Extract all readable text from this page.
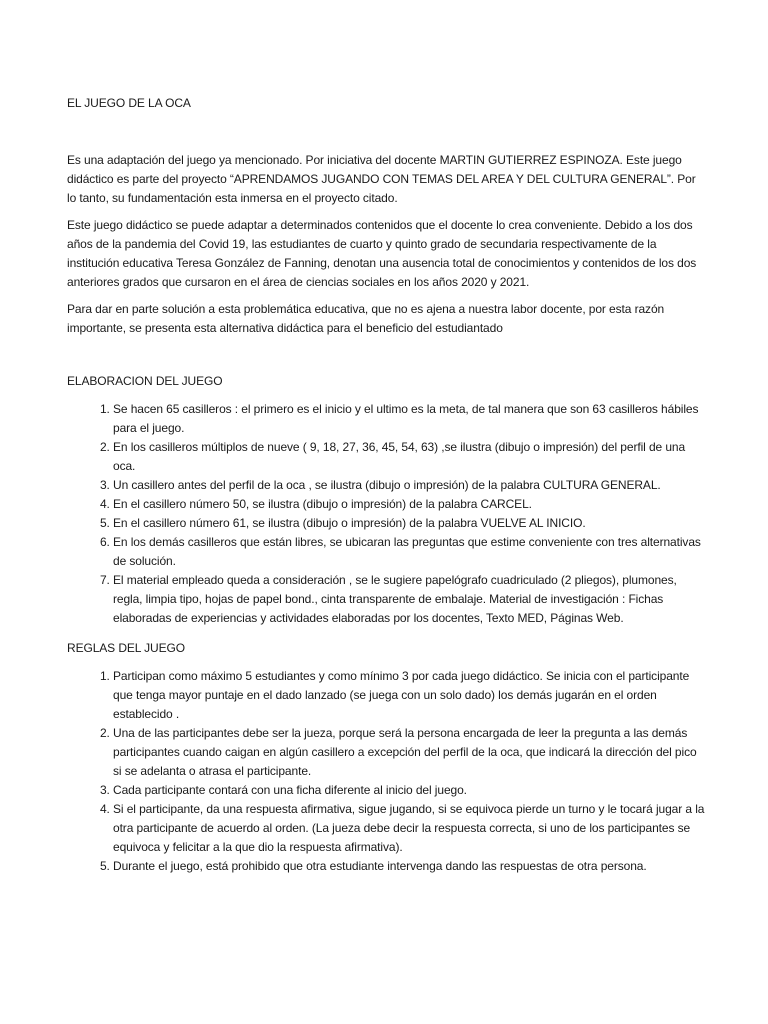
EL JUEGO DE LA OCA

Es una adaptación del juego ya mencionado. Por iniciativa del docente MARTIN GUTIERREZ ESPINOZA. Este juego didáctico es parte del proyecto “APRENDAMOS JUGANDO CON TEMAS DEL AREA Y DEL CULTURA GENERAL”. Por lo tanto, su fundamentación esta inmersa en el proyecto citado.

Este juego didáctico se puede adaptar a determinados contenidos que el docente lo crea conveniente. Debido a los dos años de la pandemia del Covid 19, las estudiantes de cuarto y quinto grado de secundaria respectivamente de la institución educativa Teresa González de Fanning, denotan una ausencia total de conocimientos y contenidos de los dos anteriores grados que cursaron en el área de ciencias sociales en los años 2020 y 2021.

Para dar en parte solución a esta problemática educativa, que no es ajena a nuestra labor docente, por esta razón importante, se presenta esta alternativa didáctica para el beneficio del estudiantado

ELABORACION DEL JUEGO
1. Se hacen 65 casilleros : el primero es el inicio y el ultimo es la meta, de tal manera que son 63 casilleros hábiles para el juego.
2. En los casilleros múltiplos de nueve ( 9, 18, 27, 36, 45, 54, 63) ,se ilustra (dibujo o impresión) del perfil de una oca.
3. Un casillero antes del perfil de la oca , se ilustra (dibujo o impresión) de la palabra CULTURA GENERAL.
4. En el casillero número 50, se ilustra (dibujo o impresión) de la palabra CARCEL.
5. En el casillero número 61, se ilustra (dibujo o impresión) de la palabra VUELVE AL INICIO.
6. En los demás casilleros que están libres, se ubicaran las preguntas que estime conveniente con tres alternativas de solución.
7. El material empleado queda a consideración , se le sugiere papelógrafo cuadriculado (2 pliegos), plumones, regla, limpia tipo, hojas de papel bond., cinta transparente de embalaje. Material de investigación : Fichas elaboradas de experiencias y actividades elaboradas por los docentes, Texto MED, Páginas Web.
REGLAS DEL JUEGO
1. Participan como máximo 5 estudiantes y como mínimo 3 por cada juego didáctico. Se inicia con el participante que tenga mayor puntaje en el dado lanzado (se juega con un solo dado) los demás jugarán en el orden establecido .
2. Una de las participantes debe ser la jueza, porque será la persona encargada de leer la pregunta a las demás participantes cuando caigan en algún casillero a excepción del perfil de la oca, que indicará la dirección del pico si se adelanta o atrasa el participante.
3. Cada participante contará con una ficha diferente al inicio del juego.
4. Si el participante, da una respuesta afirmativa, sigue jugando, si se equivoca pierde un turno y le tocará jugar a la otra participante de acuerdo al orden. (La jueza debe decir la respuesta correcta, si uno de los participantes se equivoca y felicitar a la que dio la respuesta afirmativa).
5. Durante el juego, está prohibido que otra estudiante intervenga dando las respuestas de otra persona.
